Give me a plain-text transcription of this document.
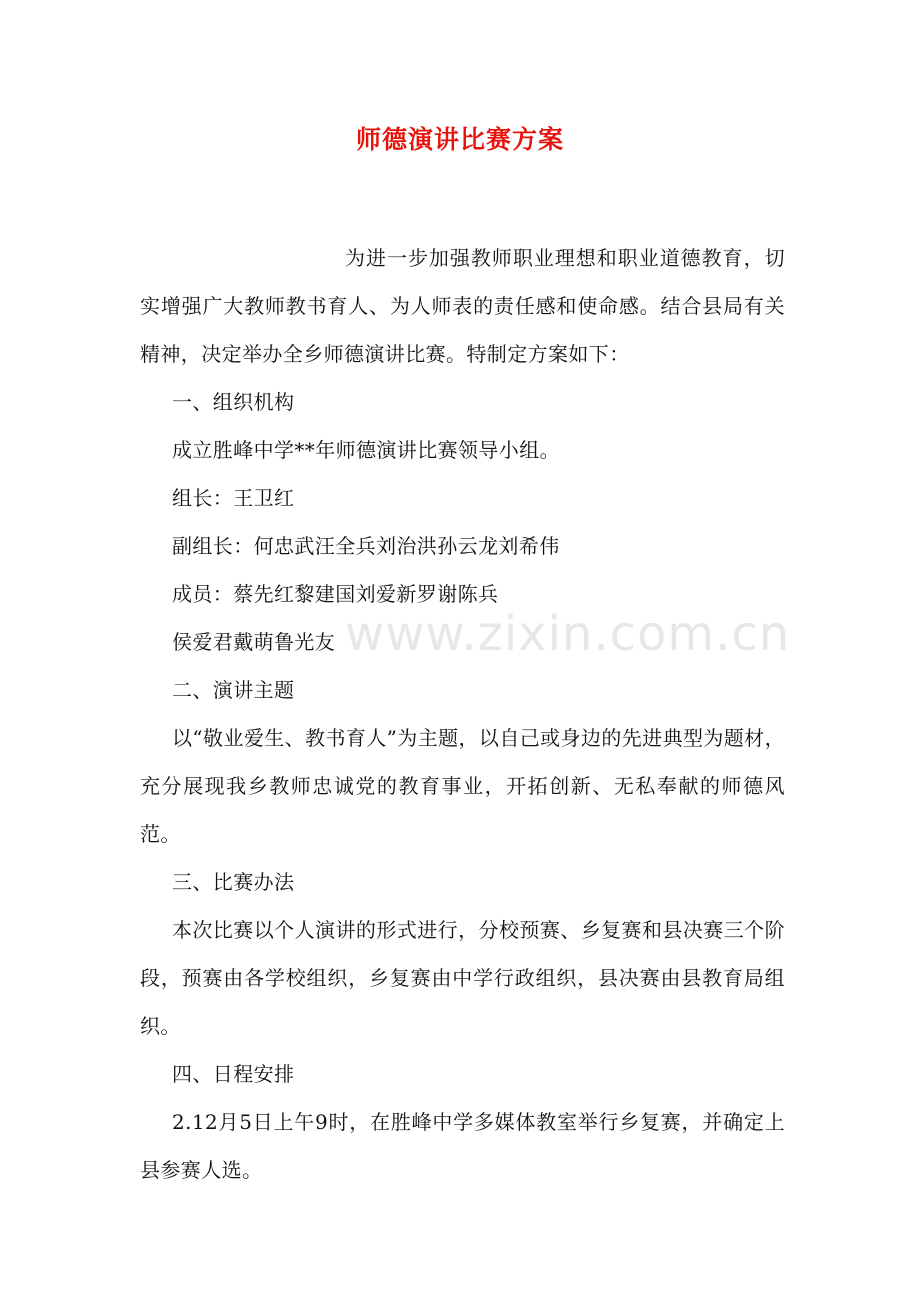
师德演讲比赛方案

为进一步加强教师职业理想和职业道德教育，切实增强广大教师教书育人、为人师表的责任感和使命感。结合县局有关精神，决定举办全乡师德演讲比赛。特制定方案如下：

一、组织机构

成立胜峰中学**年师德演讲比赛领导小组。

组长：王卫红

副组长：何忠武汪全兵刘治洪孙云龙刘希伟

成员：蔡先红黎建国刘爱新罗谢陈兵

侯爱君戴萌鲁光友

二、演讲主题

以“敬业爱生、教书育人”为主题，以自己或身边的先进典型为题材，充分展现我乡教师忠诚党的教育事业，开拓创新、无私奉献的师德风范。

三、比赛办法

本次比赛以个人演讲的形式进行，分校预赛、乡复赛和县决赛三个阶段，预赛由各学校组织，乡复赛由中学行政组织，县决赛由县教育局组织。

四、日程安排

2.12月5日上午9时，在胜峰中学多媒体教室举行乡复赛，并确定上县参赛人选。

www.zixin.com.cn
